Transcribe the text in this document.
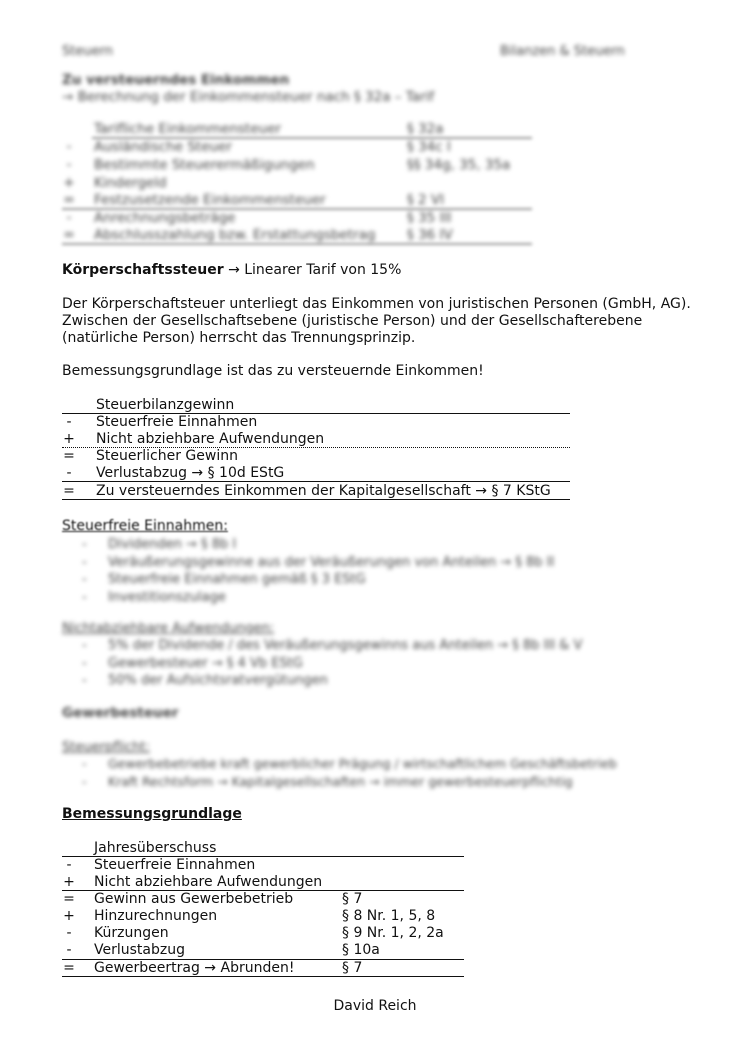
Steuern	Bilanzen & Steuern
Zu versteuerndes Einkommen
→ Berechnung der Einkommensteuer nach § 32a – Tarif
Tarifliche Einkommensteuer	§ 32a
-	Ausländische Steuer	§ 34c I
-	Bestimmte Steuerermäßigungen	§§ 34g, 35, 35a
+ Kindergeld
= Festzusetzende Einkommensteuer	§ 2 VI
-	Anrechnungsbeträge	§ 35 III
= Abschlusszahlung bzw. Erstattungsbetrag § 36 IV
Körperschaftssteuer → Linearer Tarif von 15%
Der Körperschaftsteuer unterliegt das Einkommen von juristischen Personen (GmbH, AG).
Zwischen der Gesellschaftsebene (juristische Person) und der Gesellschafterebene
(natürliche Person) herrscht das Trennungsprinzip.
Bemessungsgrundlage ist das zu versteuernde Einkommen!
Steuerbilanzgewinn
-	Steuerfreie Einnahmen
+ Nicht abziehbare Aufwendungen
= Steuerlicher Gewinn
-	Verlustabzug → § 10d EStG
= Zu versteuerndes Einkommen der Kapitalgesellschaft → § 7 KStG
Steuerfreie Einnahmen:
- Dividenden → § 8b I
- Veräußerungsgewinne aus der Veräußerungen von Anteilen → § 8b II
- Steuerfreie Einnahmen gemäß § 3 EStG
- Investitionszulage
Nichtabziehbare Aufwendungen:
- 5% der Dividende / des Veräußerungsgewinns aus Anteilen → § 8b III & V
- Gewerbesteuer → § 4 Vb EStG
- 50% der Aufsichtsratvergütungen
Gewerbesteuer
Steuerpflicht:
- Gewerbebetriebe kraft gewerblicher Prägung / wirtschaftlichem Geschäftsbetrieb
- Kraft Rechtsform → Kapitalgesellschaften → immer gewerbesteuerpflichtig
Bemessungsgrundlage
Jahresüberschuss
-	Steuerfreie Einnahmen
+ Nicht abziehbare Aufwendungen
= Gewinn aus Gewerbebetrieb	§ 7
+ Hinzurechnungen	§ 8 Nr. 1, 5, 8
-	Kürzungen	§ 9 Nr. 1, 2, 2a
-	Verlustabzug	§ 10a
= Gewerbeertrag → Abrunden!	§ 7
David Reich
